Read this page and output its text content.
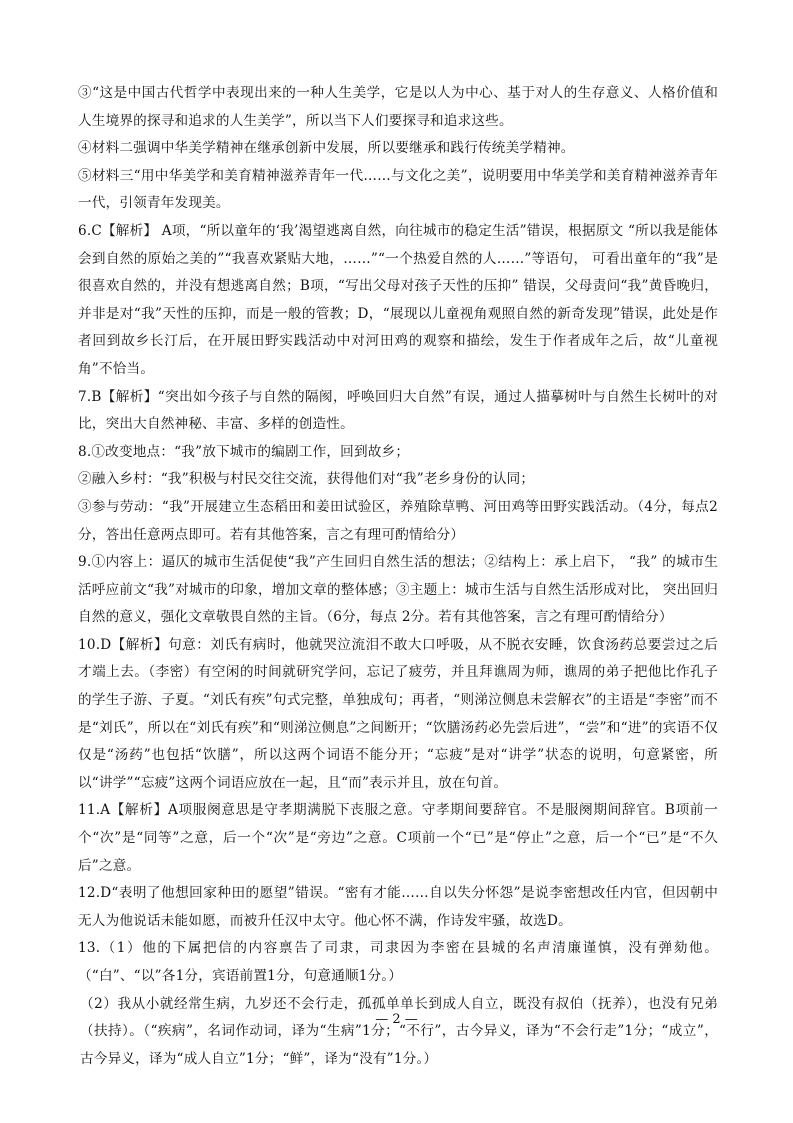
③“这是中国古代哲学中表现出来的一种人生美学，它是以人为中心、基于对人的生存意义、人格价值和人生境界的探寻和追求的人生美学”，所以当下人们要探寻和追求这些。

④材料二强调中华美学精神在继承创新中发展，所以要继承和践行传统美学精神。

⑤材料三“用中华美学和美育精神滋养青年一代……与文化之美”，说明要用中华美学和美育精神滋养青年一代，引领青年发现美。

6.C【解析】 A项，“所以童年的‘我’渴望逃离自然，向往城市的稳定生活”错误，根据原文 “所以我是能体会到自然的原始之美的”“我喜欢紧贴大地，……”“一个热爱自然的人……”等语句， 可看出童年的“我”是很喜欢自然的，并没有想逃离自然；B项，“写出父母对孩子天性的压抑” 错误，父母责问“我”黄昏晚归，并非是对“我”天性的压抑，而是一般的管教；D，“展现以儿童视角观照自然的新奇发现”错误，此处是作者回到故乡长汀后，在开展田野实践活动中对河田鸡的观察和描绘，发生于作者成年之后，故“儿童视角”不恰当。

7.B【解析】“突出如今孩子与自然的隔阂，呼唤回归大自然”有误，通过人描摹树叶与自然生长树叶的对比，突出大自然神秘、丰富、多样的创造性。

8.①改变地点：“我”放下城市的编剧工作，回到故乡；

②融入乡村：“我”积极与村民交往交流，获得他们对“我”老乡身份的认同；

③参与劳动：“我”开展建立生态稻田和姜田试验区，养殖除草鸭、河田鸡等田野实践活动。（4分，每点2分，答出任意两点即可。若有其他答案，言之有理可酌情给分）

9.①内容上：逼仄的城市生活促使“我”产生回归自然生活的想法；②结构上：承上启下， “我” 的城市生活呼应前文“我”对城市的印象，增加文章的整体感；③主题上：城市生活与自然生活形成对比， 突出回归自然的意义，强化文章敬畏自然的主旨。（6分，每点 2分。若有其他答案，言之有理可酌情给分）

10.D【解析】句意：刘氏有病时，他就哭泣流泪不敢大口呼吸，从不脱衣安睡，饮食汤药总要尝过之后才端上去。（李密）有空闲的时间就研究学问，忘记了疲劳，并且拜谯周为师，谯周的弟子把他比作孔子的学生子游、子夏。“刘氏有疾”句式完整，单独成句；再者，“则涕泣侧息未尝解衣”的主语是“李密”而不是“刘氏”，所以在“刘氏有疾”和“则涕泣侧息”之间断开；“饮膳汤药必先尝后进”，“尝”和“进”的宾语不仅仅是“汤药”也包括“饮膳”，所以这两个词语不能分开；“忘疲”是对“讲学”状态的说明，句意紧密，所以“讲学”“忘疲”这两个词语应放在一起，且“而”表示并且，放在句首。

11.A【解析】A项服阕意思是守孝期满脱下丧服之意。守孝期间要辞官。不是服阕期间辞官。B项前一个“次”是“同等”之意，后一个“次”是“旁边”之意。C项前一个“已”是“停止”之意，后一个“已”是“不久后”之意。

12.D“表明了他想回家种田的愿望”错误。“密有才能……自以失分怀怨”是说李密想改任内官，但因朝中无人为他说话未能如愿，而被升任汉中太守。他心怀不满，作诗发牢骚，故选D。

13.（1）他的下属把信的内容禀告了司隶，司隶因为李密在县城的名声清廉谨慎，没有弹劾他。（“白”、“以”各1分，宾语前置1分，句意通顺1分。）

（2）我从小就经常生病，九岁还不会行走，孤孤单单长到成人自立，既没有叔伯（抚养），也没有兄弟（扶持）。（“疾病”，名词作动词，译为“生病”1分；“不行”，古今异义，译为“不会行走”1分；“成立”，古今异义，译为“成人自立”1分；“鲜”，译为“没有”1分。）

— 2 —
